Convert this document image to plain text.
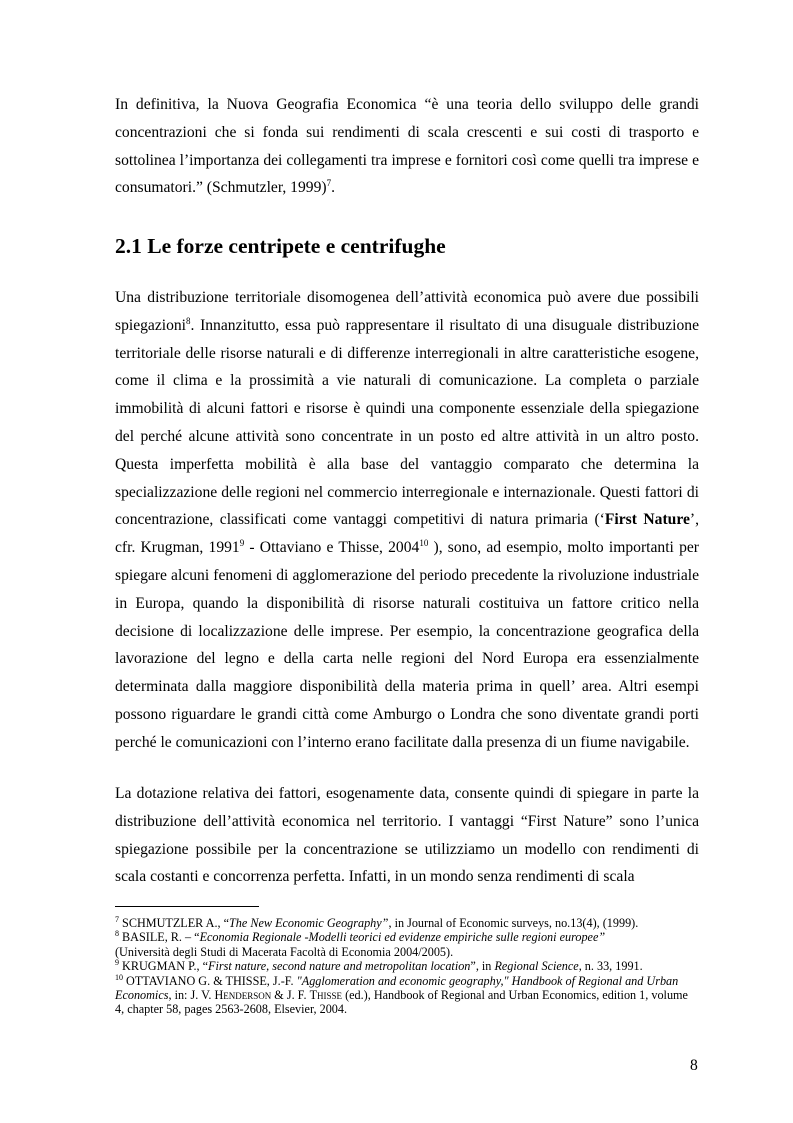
In definitiva, la Nuova Geografia Economica “è una teoria dello sviluppo delle grandi concentrazioni che si fonda sui rendimenti di scala crescenti e sui costi di trasporto e sottolinea l’importanza dei collegamenti tra imprese e fornitori così come quelli tra imprese e consumatori.” (Schmutzler, 1999)$^7$.

2.1 Le forze centripete e centrifughe

Una distribuzione territoriale disomogenea dell’attività economica può avere due possibili spiegazioni$^8$. Innanzitutto, essa può rappresentare il risultato di una disuguale distribuzione territoriale delle risorse naturali e di differenze interregionali in altre caratteristiche esogene, come il clima e la prossimità a vie naturali di comunicazione. La completa o parziale immobilità di alcuni fattori e risorse è quindi una componente essenziale della spiegazione del perché alcune attività sono concentrate in un posto ed altre attività in un altro posto. Questa imperfetta mobilità è alla base del vantaggio comparato che determina la specializzazione delle regioni nel commercio interregionale e internazionale. Questi fattori di concentrazione, classificati come vantaggi competitivi di natura primaria (‘First Nature’, cfr. Krugman, 1991$^9$ - Ottaviano e Thisse, 2004$^{10}$ ), sono, ad esempio, molto importanti per spiegare alcuni fenomeni di agglomerazione del periodo precedente la rivoluzione industriale in Europa, quando la disponibilità di risorse naturali costituiva un fattore critico nella decisione di localizzazione delle imprese. Per esempio, la concentrazione geografica della lavorazione del legno e della carta nelle regioni del Nord Europa era essenzialmente determinata dalla maggiore disponibilità della materia prima in quell’ area. Altri esempi possono riguardare le grandi città come Amburgo o Londra che sono diventate grandi porti perché le comunicazioni con l’interno erano facilitate dalla presenza di un fiume navigabile.

La dotazione relativa dei fattori, esogenamente data, consente quindi di spiegare in parte la distribuzione dell’attività economica nel territorio. I vantaggi “First Nature” sono l’unica spiegazione possibile per la concentrazione se utilizziamo un modello con rendimenti di scala costanti e concorrenza perfetta. Infatti, in un mondo senza rendimenti di scala

$^7$ SCHMUTZLER A., “The New Economic Geography”, in Journal of Economic surveys, no.13(4), (1999).

$^8$ BASILE, R. – “Economia Regionale -Modelli teorici ed evidenze empiriche sulle regioni europee”
(Università degli Studi di Macerata Facoltà di Economia 2004/2005).

$^9$ KRUGMAN P., “First nature, second nature and metropolitan location”, in Regional Science, n. 33, 1991.

$^{10}$ OTTAVIANO G. & THISSE, J.-F. "Agglomeration and economic geography," Handbook of Regional and Urban Economics, in: J. V. Henderson & J. F. Thisse (ed.), Handbook of Regional and Urban Economics, edition 1, volume 4, chapter 58, pages 2563-2608, Elsevier, 2004.

8
